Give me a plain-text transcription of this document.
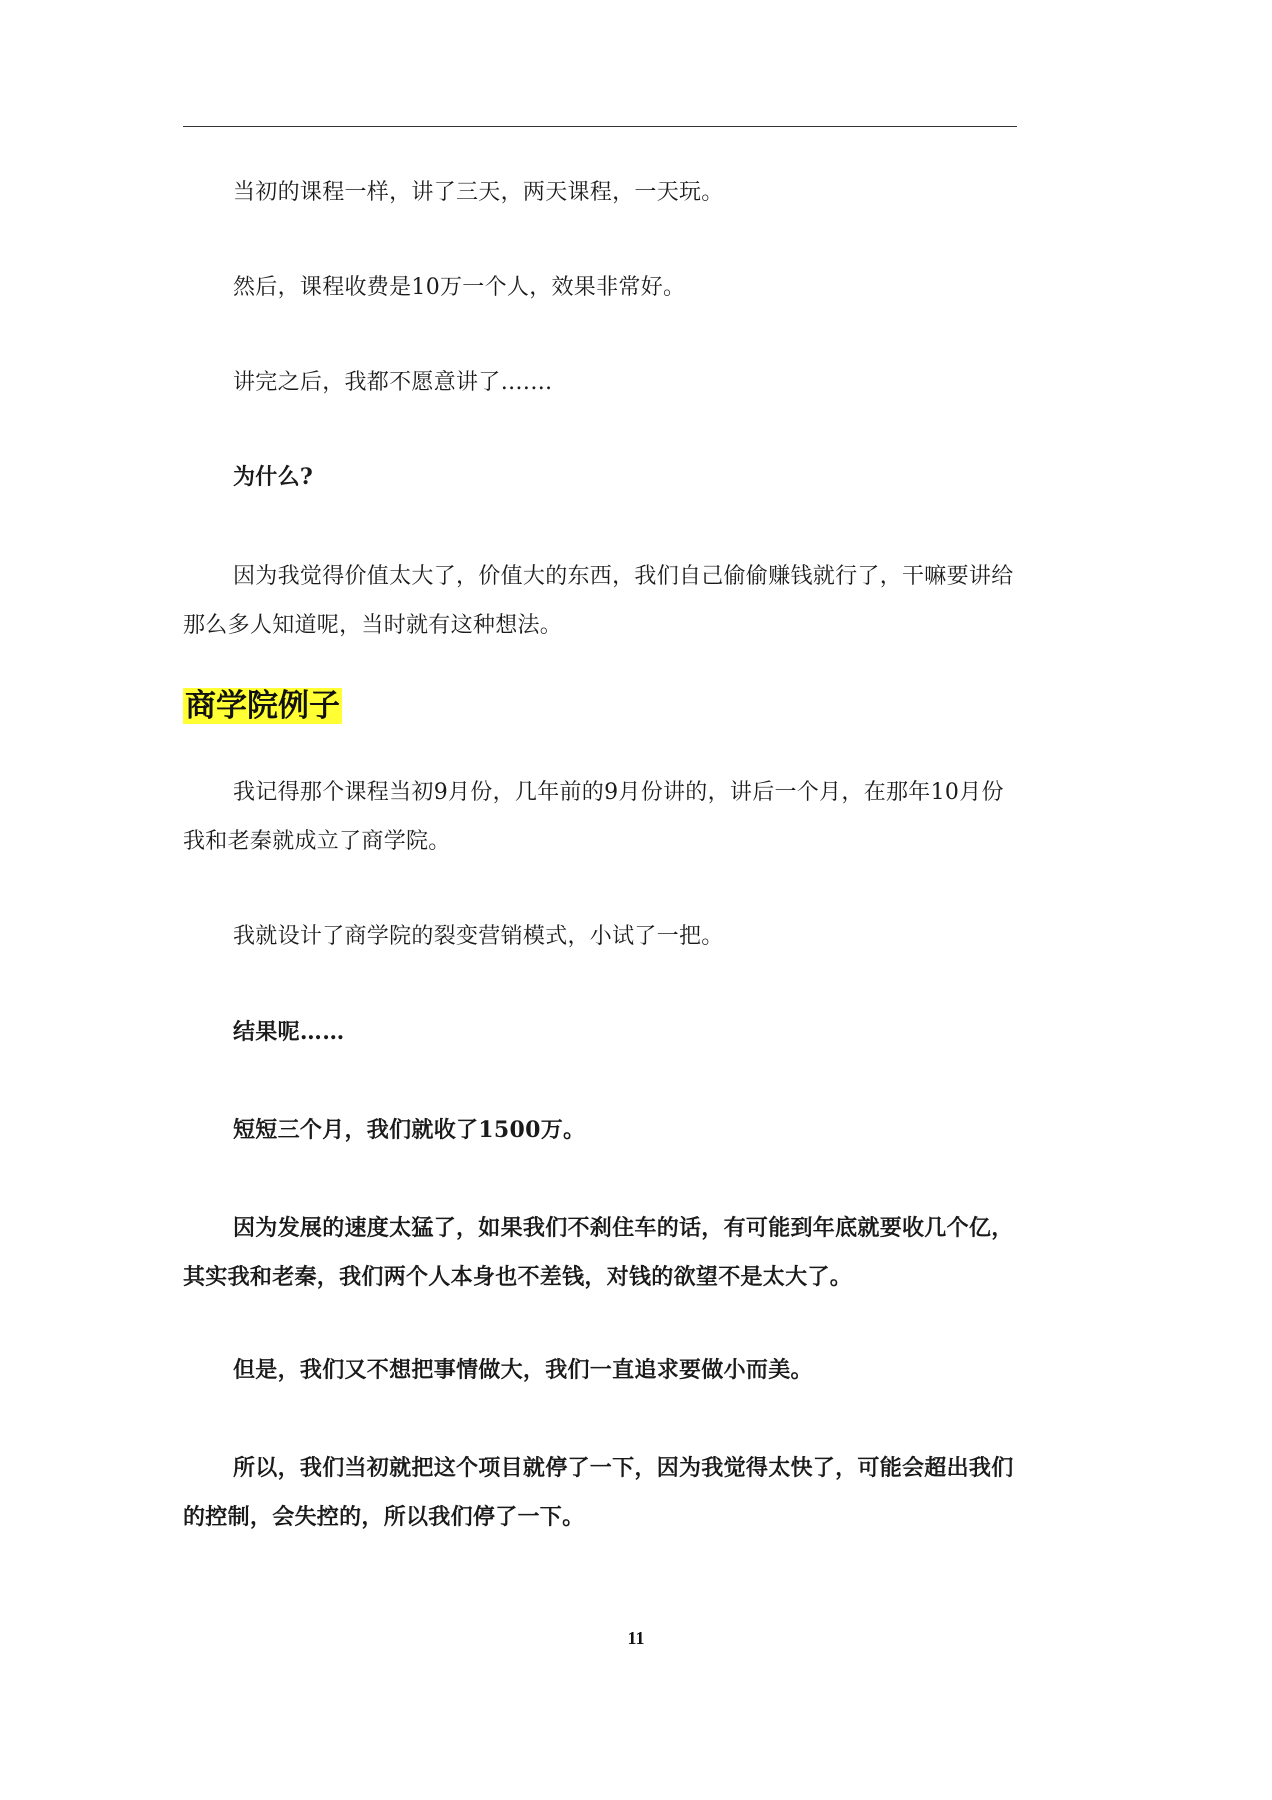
当初的课程一样，讲了三天，两天课程，一天玩。

然后，课程收费是10万一个人，效果非常好。

讲完之后，我都不愿意讲了….…

为什么?

因为我觉得价值太大了，价值大的东西，我们自己偷偷赚钱就行了，干嘛要讲给那么多人知道呢，当时就有这种想法。

商学院例子

我记得那个课程当初9月份，几年前的9月份讲的，讲后一个月，在那年10月份我和老秦就成立了商学院。

我就设计了商学院的裂变营销模式，小试了一把。

结果呢……

短短三个月，我们就收了1500万。

因为发展的速度太猛了，如果我们不刹住车的话，有可能到年底就要收几个亿，其实我和老秦，我们两个人本身也不差钱，对钱的欲望不是太大了。

但是，我们又不想把事情做大，我们一直追求要做小而美。

所以，我们当初就把这个项目就停了一下，因为我觉得太快了，可能会超出我们的控制，会失控的，所以我们停了一下。

11
